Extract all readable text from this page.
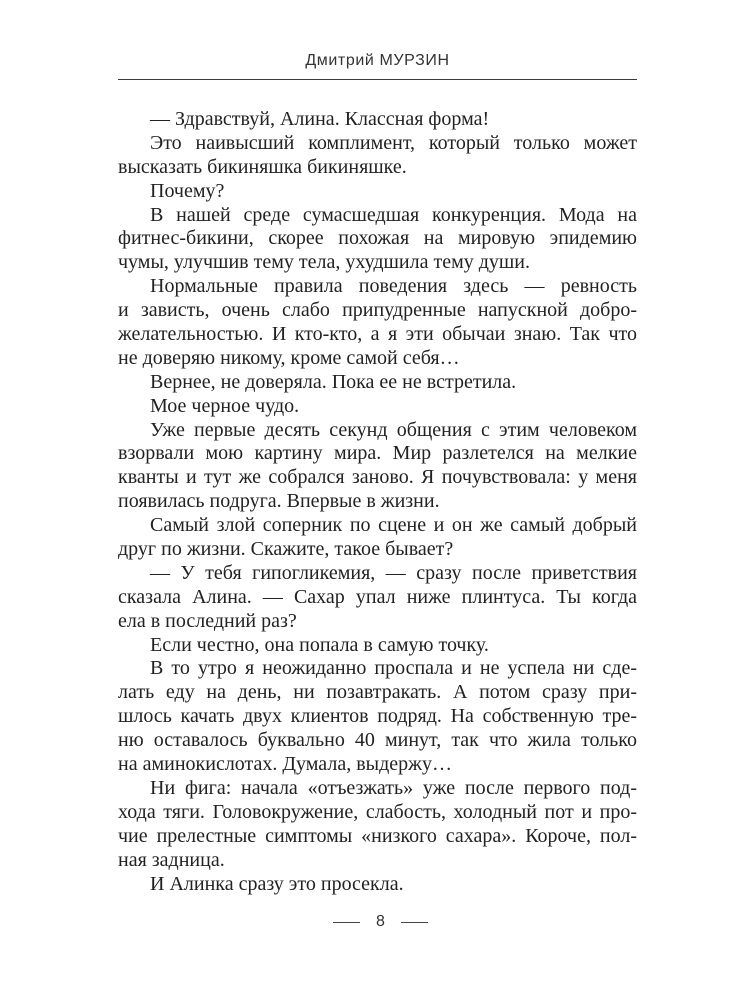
Дмитрий МУРЗИН
— Здравствуй, Алина. Классная форма!
Это наивысший комплимент, который только может
высказать бикиняшка бикиняшке.
Почему?
В нашей среде сумасшедшая конкуренция. Мода на
фитнес-бикини, скорее похожая на мировую эпидемию
чумы, улучшив тему тела, ухудшила тему души.
Нормальные правила поведения здесь — ревность
и зависть, очень слабо припудренные напускной добро-
желательностью. И кто-кто, а я эти обычаи знаю. Так что
не доверяю никому, кроме самой себя…
Вернее, не доверяла. Пока ее не встретила.
Мое черное чудо.
Уже первые десять секунд общения с этим человеком
взорвали мою картину мира. Мир разлетелся на мелкие
кванты и тут же собрался заново. Я почувствовала: у меня
появилась подруга. Впервые в жизни.
Самый злой соперник по сцене и он же самый добрый
друг по жизни. Скажите, такое бывает?
— У тебя гипогликемия, — сразу после приветствия
сказала Алина. — Сахар упал ниже плинтуса. Ты когда
ела в последний раз?
Если честно, она попала в самую точку.
В то утро я неожиданно проспала и не успела ни сде-
лать еду на день, ни позавтракать. А потом сразу при-
шлось качать двух клиентов подряд. На собственную тре-
ню оставалось буквально 40 минут, так что жила только
на аминокислотах. Думала, выдержу…
Ни фига: начала «отъезжать» уже после первого под-
хода тяги. Головокружение, слабость, холодный пот и про-
чие прелестные симптомы «низкого сахара». Короче, пол-
ная задница.
И Алинка сразу это просекла.
8
